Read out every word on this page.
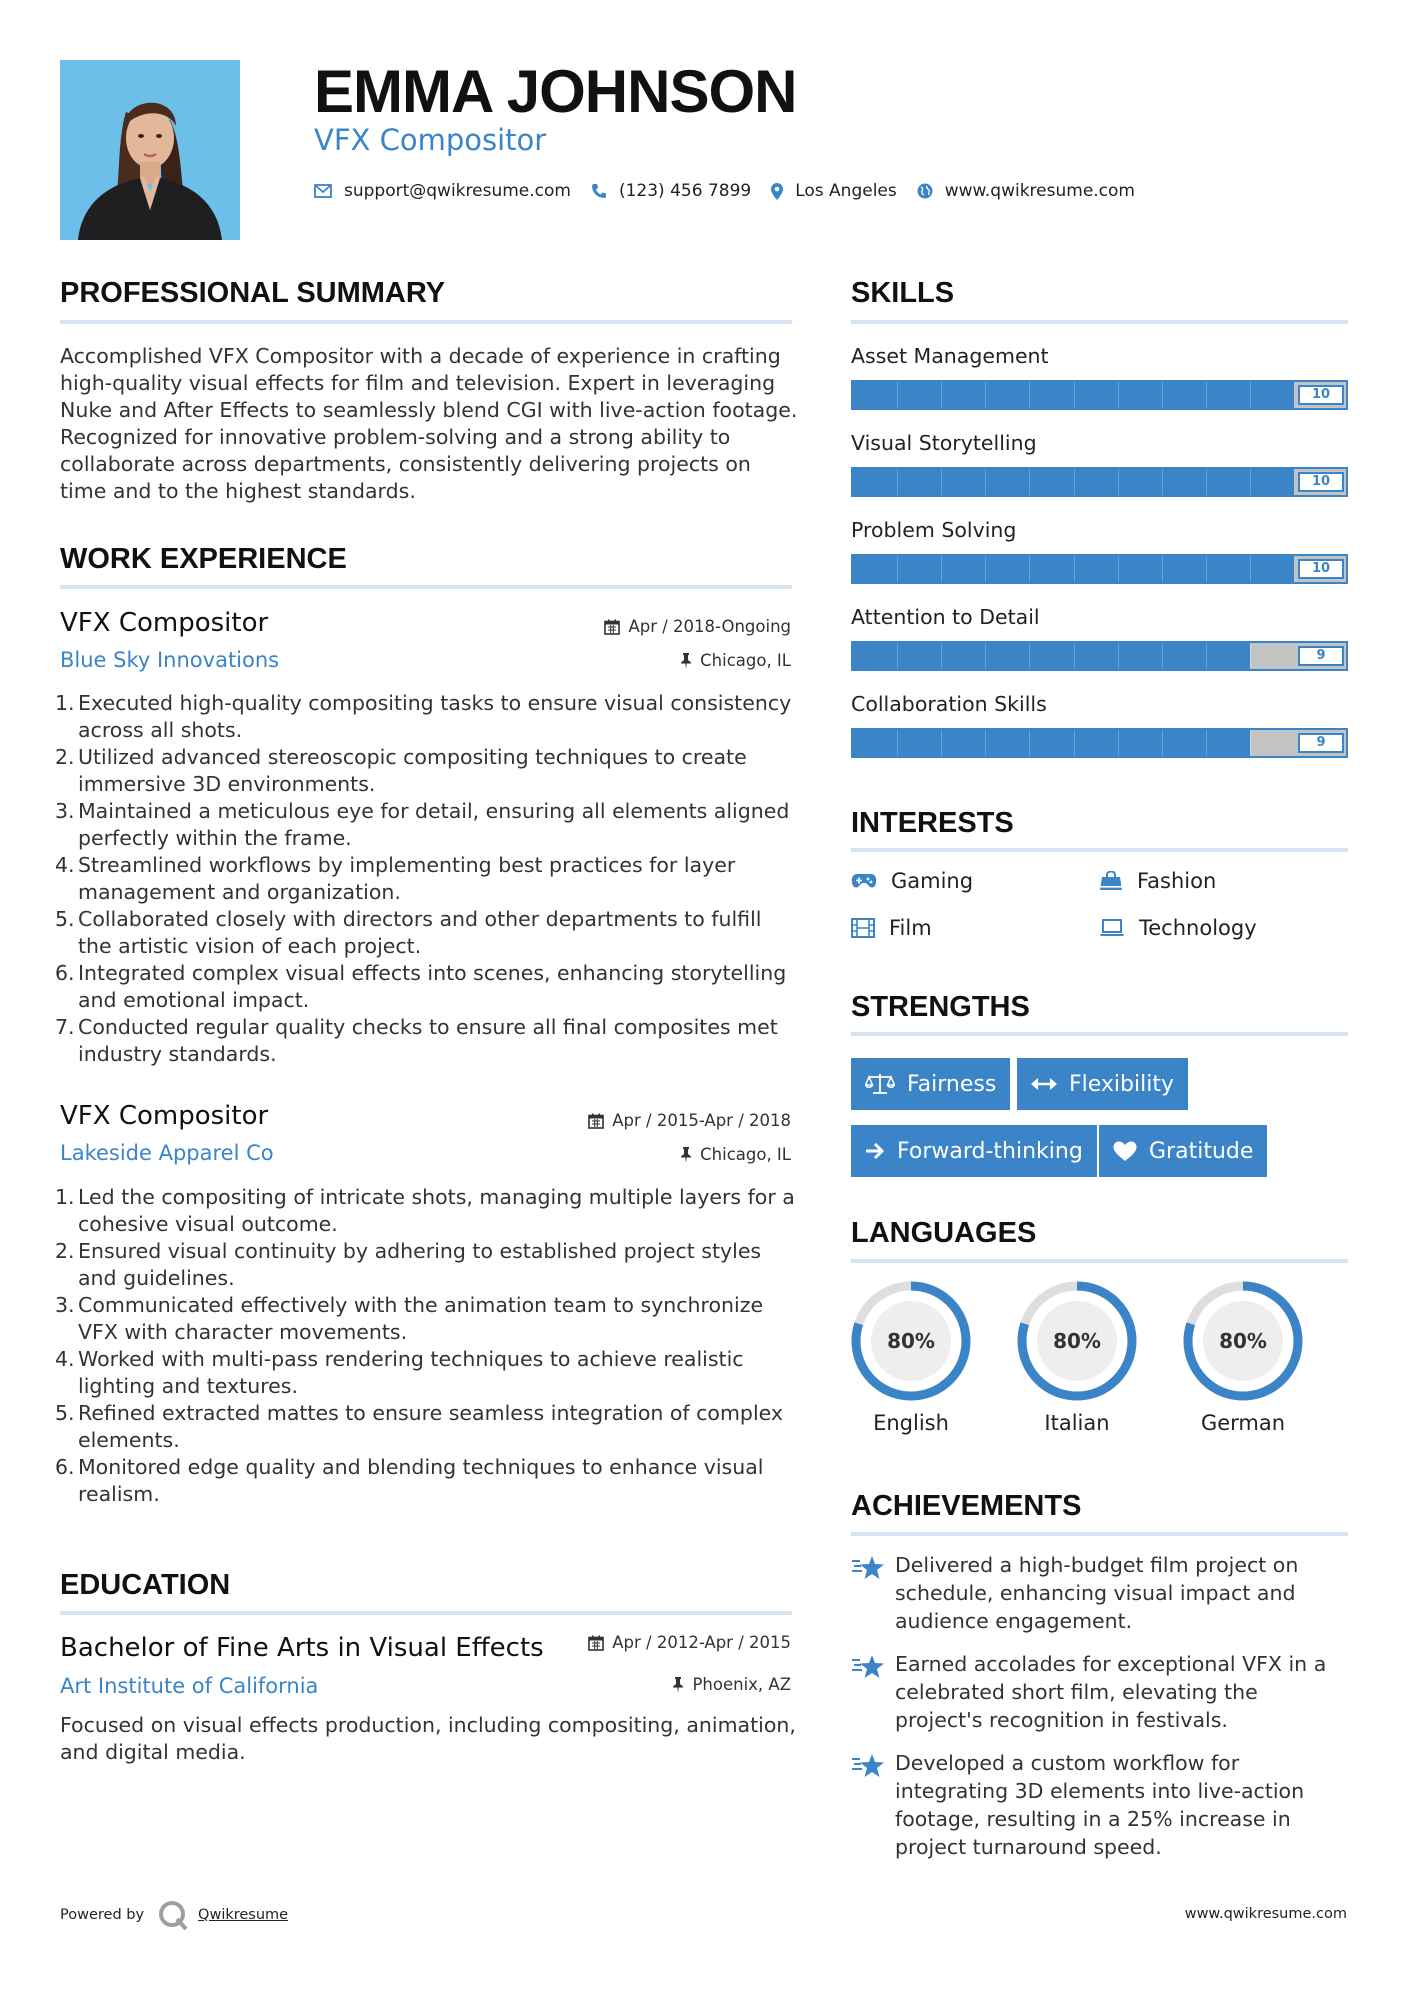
EMMA JOHNSON
VFX Compositor
support@qwikresume.com	(123) 456 7899	Los Angeles	www.qwikresume.com
PROFESSIONAL SUMMARY
Accomplished VFX Compositor with a decade of experience in crafting high-quality visual effects for film and television. Expert in leveraging Nuke and After Effects to seamlessly blend CGI with live-action footage. Recognized for innovative problem-solving and a strong ability to collaborate across departments, consistently delivering projects on time and to the highest standards.
WORK EXPERIENCE
VFX Compositor
Blue Sky Innovations
Apr / 2018-Ongoing
Chicago, IL
1. Executed high-quality compositing tasks to ensure visual consistency across all shots.
2. Utilized advanced stereoscopic compositing techniques to create immersive 3D environments.
3. Maintained a meticulous eye for detail, ensuring all elements aligned perfectly within the frame.
4. Streamlined workflows by implementing best practices for layer management and organization.
5. Collaborated closely with directors and other departments to fulfill the artistic vision of each project.
6. Integrated complex visual effects into scenes, enhancing storytelling and emotional impact.
7. Conducted regular quality checks to ensure all final composites met industry standards.
VFX Compositor
Lakeside Apparel Co
Apr / 2015-Apr / 2018
Chicago, IL
1. Led the compositing of intricate shots, managing multiple layers for a cohesive visual outcome.
2. Ensured visual continuity by adhering to established project styles and guidelines.
3. Communicated effectively with the animation team to synchronize VFX with character movements.
4. Worked with multi-pass rendering techniques to achieve realistic lighting and textures.
5. Refined extracted mattes to ensure seamless integration of complex elements.
6. Monitored edge quality and blending techniques to enhance visual realism.
EDUCATION
Bachelor of Fine Arts in Visual Effects
Art Institute of California
Apr / 2012-Apr / 2015
Phoenix, AZ
Focused on visual effects production, including compositing, animation, and digital media.
SKILLS
Asset Management
10
Visual Storytelling
10
Problem Solving
10
Attention to Detail
9
Collaboration Skills
9
INTERESTS
Gaming	Fashion
Film	Technology
STRENGTHS
Fairness	Flexibility
Forward-thinking	Gratitude
LANGUAGES
80%
English
80%
Italian
80%
German
ACHIEVEMENTS
Delivered a high-budget film project on schedule, enhancing visual impact and audience engagement.
Earned accolades for exceptional VFX in a celebrated short film, elevating the project's recognition in festivals.
Developed a custom workflow for integrating 3D elements into live-action footage, resulting in a 25% increase in project turnaround speed.
Powered by	Qwikresume	www.qwikresume.com
